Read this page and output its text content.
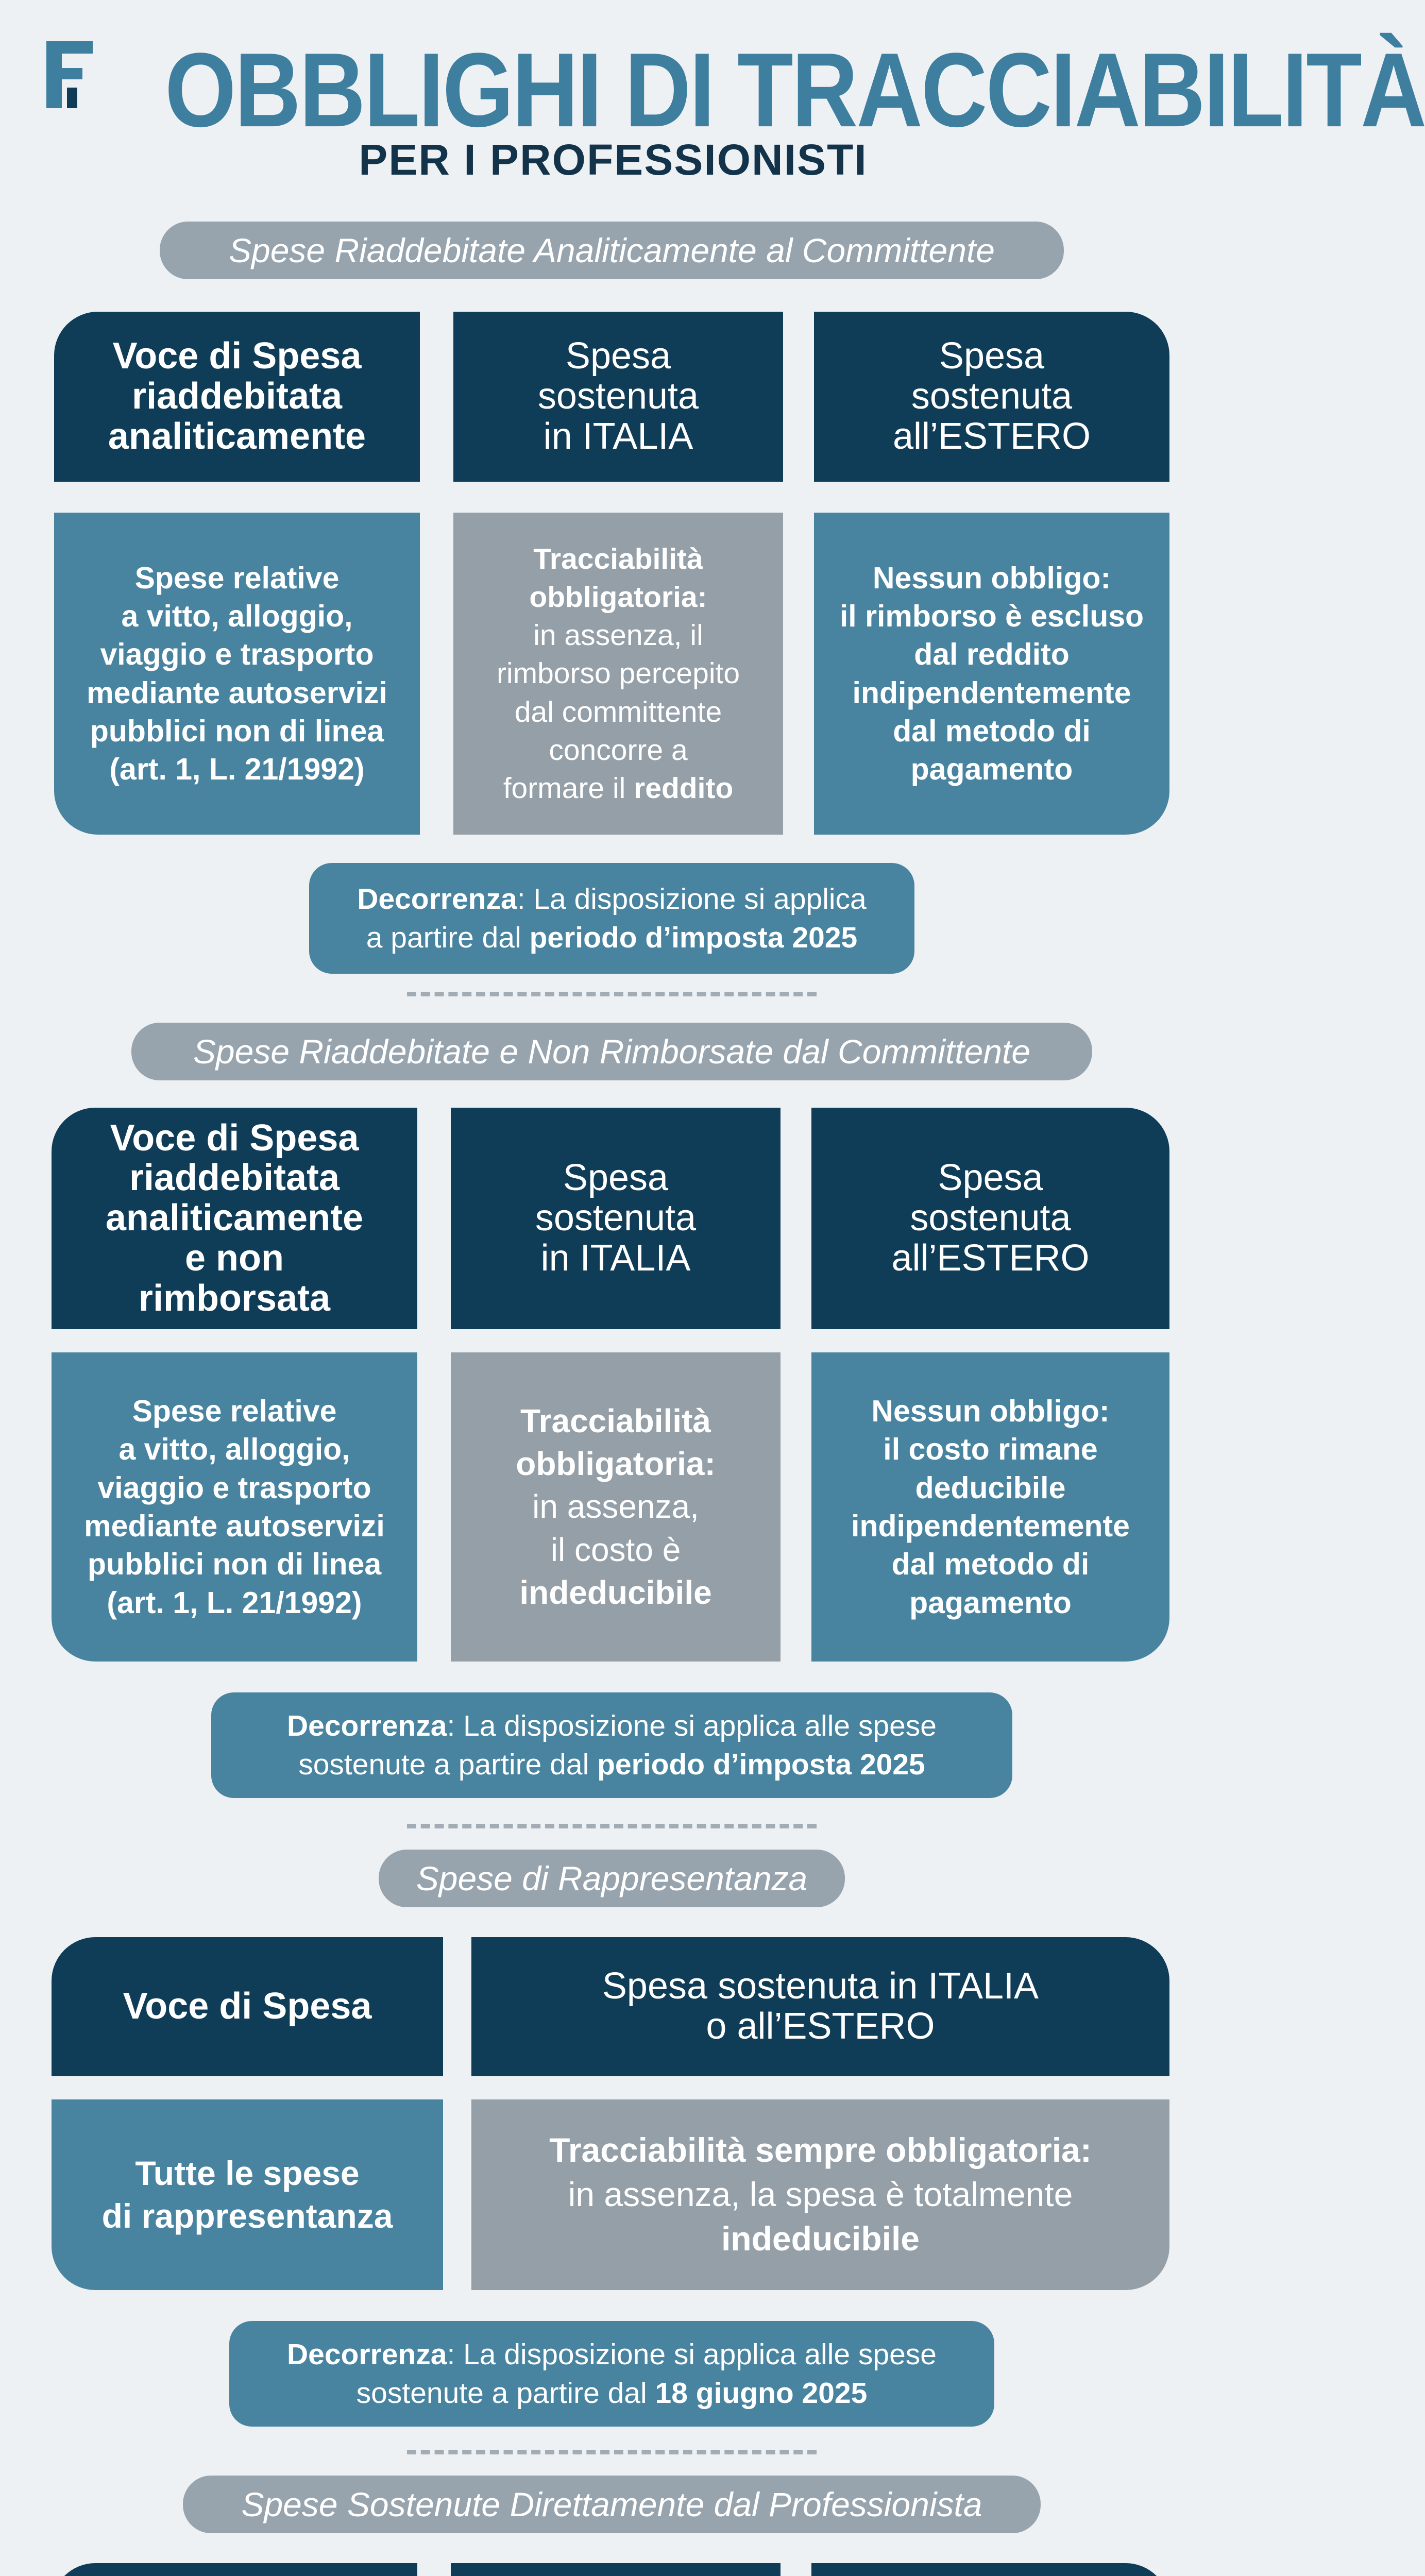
OBBLIGHI DI TRACCIABILITÀ
PER I PROFESSIONISTI
Spese Riaddebitate Analiticamente al Committente
Voce di Spesa riaddebitata analiticamente
Spesa sostenuta in ITALIA
Spesa sostenuta all’ESTERO
Spese relative
a vitto, alloggio,
viaggio e trasporto
mediante autoservizi
pubblici non di linea
(art. 1, L. 21/1992)
Tracciabilità
obbligatoria:
in assenza, il
rimborso percepito
dal committente
concorre a
formare il reddito
Nessun obbligo:
il rimborso è escluso
dal reddito
indipendentemente
dal metodo di
pagamento
Decorrenza: La disposizione si applica
a partire dal periodo d’imposta 2025
Spese Riaddebitate e Non Rimborsate dal Committente
Voce di Spesa riaddebitata analiticamente e non rimborsata
Spesa sostenuta in ITALIA
Spesa sostenuta all’ESTERO
Spese relative
a vitto, alloggio,
viaggio e trasporto
mediante autoservizi
pubblici non di linea
(art. 1, L. 21/1992)
Tracciabilità
obbligatoria:
in assenza,
il costo è
indeducibile
Nessun obbligo:
il costo rimane
deducibile
indipendentemente
dal metodo di
pagamento
Decorrenza: La disposizione si applica alle spese
sostenute a partire dal periodo d’imposta 2025
Spese di Rappresentanza
Voce di Spesa	Spesa sostenuta in ITALIA o all’ESTERO
Tutte le spese
di rappresentanza
Tracciabilità sempre obbligatoria:
in assenza, la spesa è totalmente
indeducibile
Decorrenza: La disposizione si applica alle spese
sostenute a partire dal 18 giugno 2025
Spese Sostenute Direttamente dal Professionista
